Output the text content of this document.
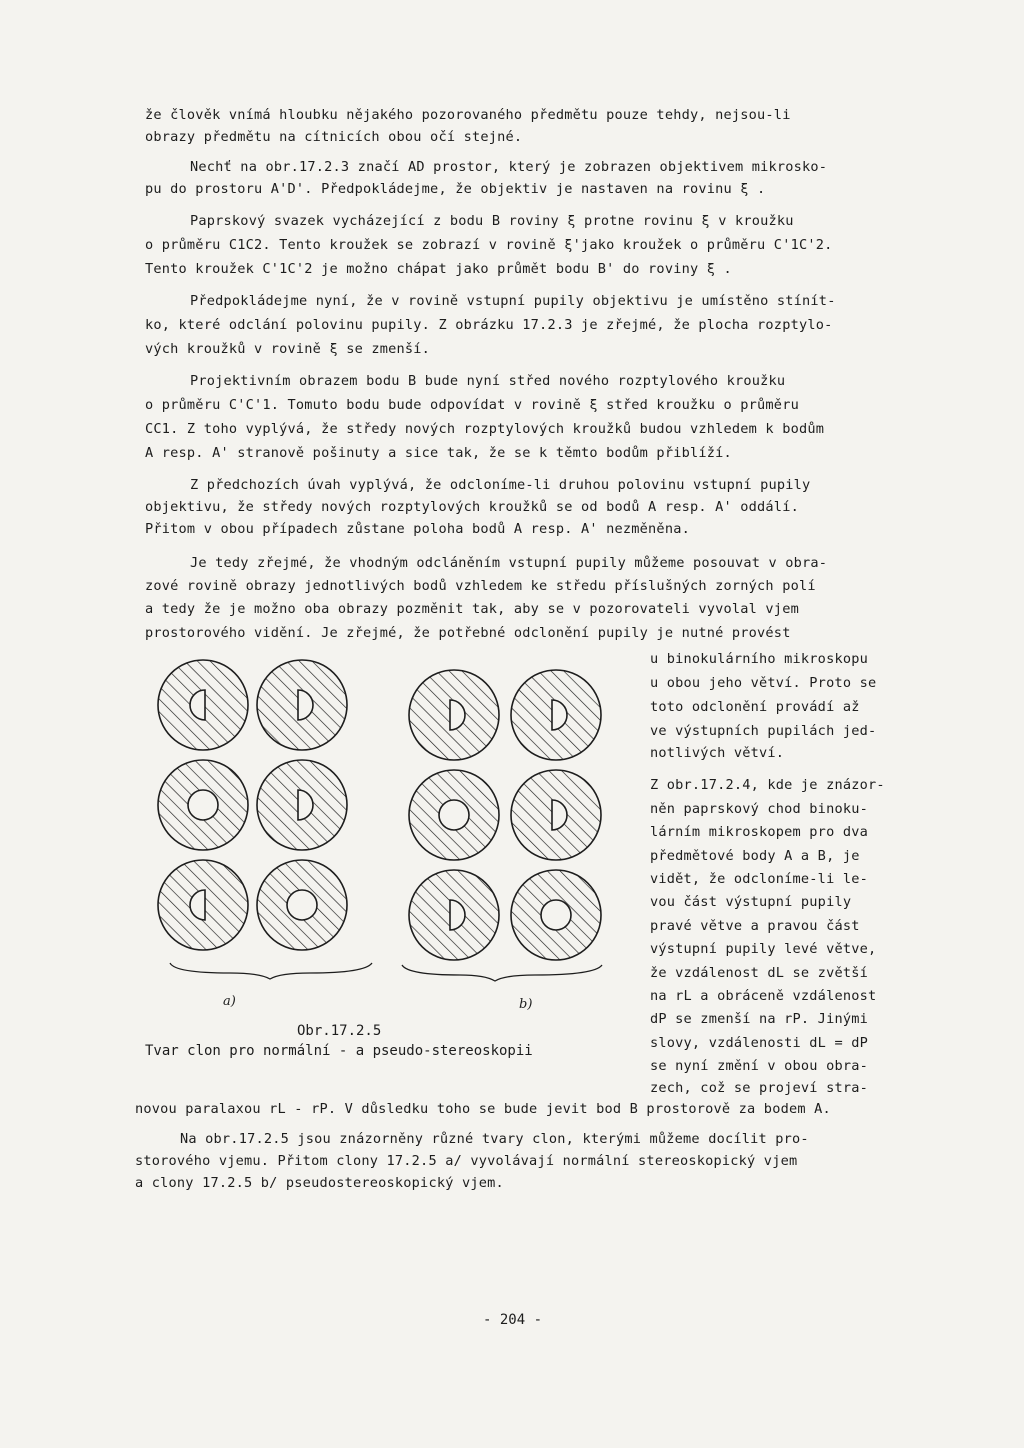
že člověk vnímá hloubku nějakého pozorovaného předmětu pouze tehdy, nejsou-li
obrazy předmětu na cítnicích obou očí stejné.
Nechť na obr.17.2.3 značí AD prostor, který je zobrazen objektivem mikrosko-
pu do prostoru A'D'. Předpokládejme, že objektiv je nastaven na rovinu ξ .
Paprskový svazek vycházející z bodu B roviny ξ protne rovinu ξ v kroužku
o průměru C1C2. Tento kroužek se zobrazí v rovině ξ'jako kroužek o průměru C'1C'2.
Tento kroužek C'1C'2 je možno chápat jako průmět bodu B' do roviny ξ .
Předpokládejme nyní, že v rovině vstupní pupily objektivu je umístěno stínít-
ko, které odclání polovinu pupily. Z obrázku 17.2.3 je zřejmé, že plocha rozptylo-
vých kroužků v rovině ξ se zmenší.
Projektivním obrazem bodu B bude nyní střed nového rozptylového kroužku
o průměru C'C'1. Tomuto bodu bude odpovídat v rovině ξ střed kroužku o průměru
CC1. Z toho vyplývá, že středy nových rozptylových kroužků budou vzhledem k bodům
A resp. A' stranově pošinuty a sice tak, že se k těmto bodům přiblíží.
Z předchozích úvah vyplývá, že odcloníme-li druhou polovinu vstupní pupily
objektivu, že středy nových rozptylových kroužků se od bodů A resp. A' oddálí.
Přitom v obou případech zůstane poloha bodů A resp. A' nezměněna.
Je tedy zřejmé, že vhodným odcláněním vstupní pupily můžeme posouvat v obra-
zové rovině obrazy jednotlivých bodů vzhledem ke středu příslušných zorných polí
a tedy že je možno oba obrazy pozměnit tak, aby se v pozorovateli vyvolal vjem
prostorového vidění. Je zřejmé, že potřebné odclonění pupily je nutné provést
u binokulárního mikroskopu
u obou jeho větví. Proto se
toto odclonění provádí až
ve výstupních pupilách jed-
notlivých větví.
Z obr.17.2.4, kde je znázor-
něn paprskový chod binoku-
lárním mikroskopem pro dva
předmětové body A a B, je
vidět, že odcloníme-li le-
vou část výstupní pupily
pravé větve a pravou část
výstupní pupily levé větve,
že vzdálenost dL se zvětší
na rL a obráceně vzdálenost
dP se zmenší na rP. Jinými
slovy, vzdálenosti dL = dP
se nyní změní v obou obra-
zech, což se projeví stra-
a)	b)
Obr.17.2.5
Tvar clon pro normální - a pseudo-stereoskopii
novou paralaxou rL - rP. V důsledku toho se bude jevit bod B prostorově za bodem A.
Na obr.17.2.5 jsou znázorněny různé tvary clon, kterými můžeme docílit pro-
storového vjemu. Přitom clony 17.2.5 a/ vyvolávají normální stereoskopický vjem
a clony 17.2.5 b/ pseudostereoskopický vjem.
- 204 -
